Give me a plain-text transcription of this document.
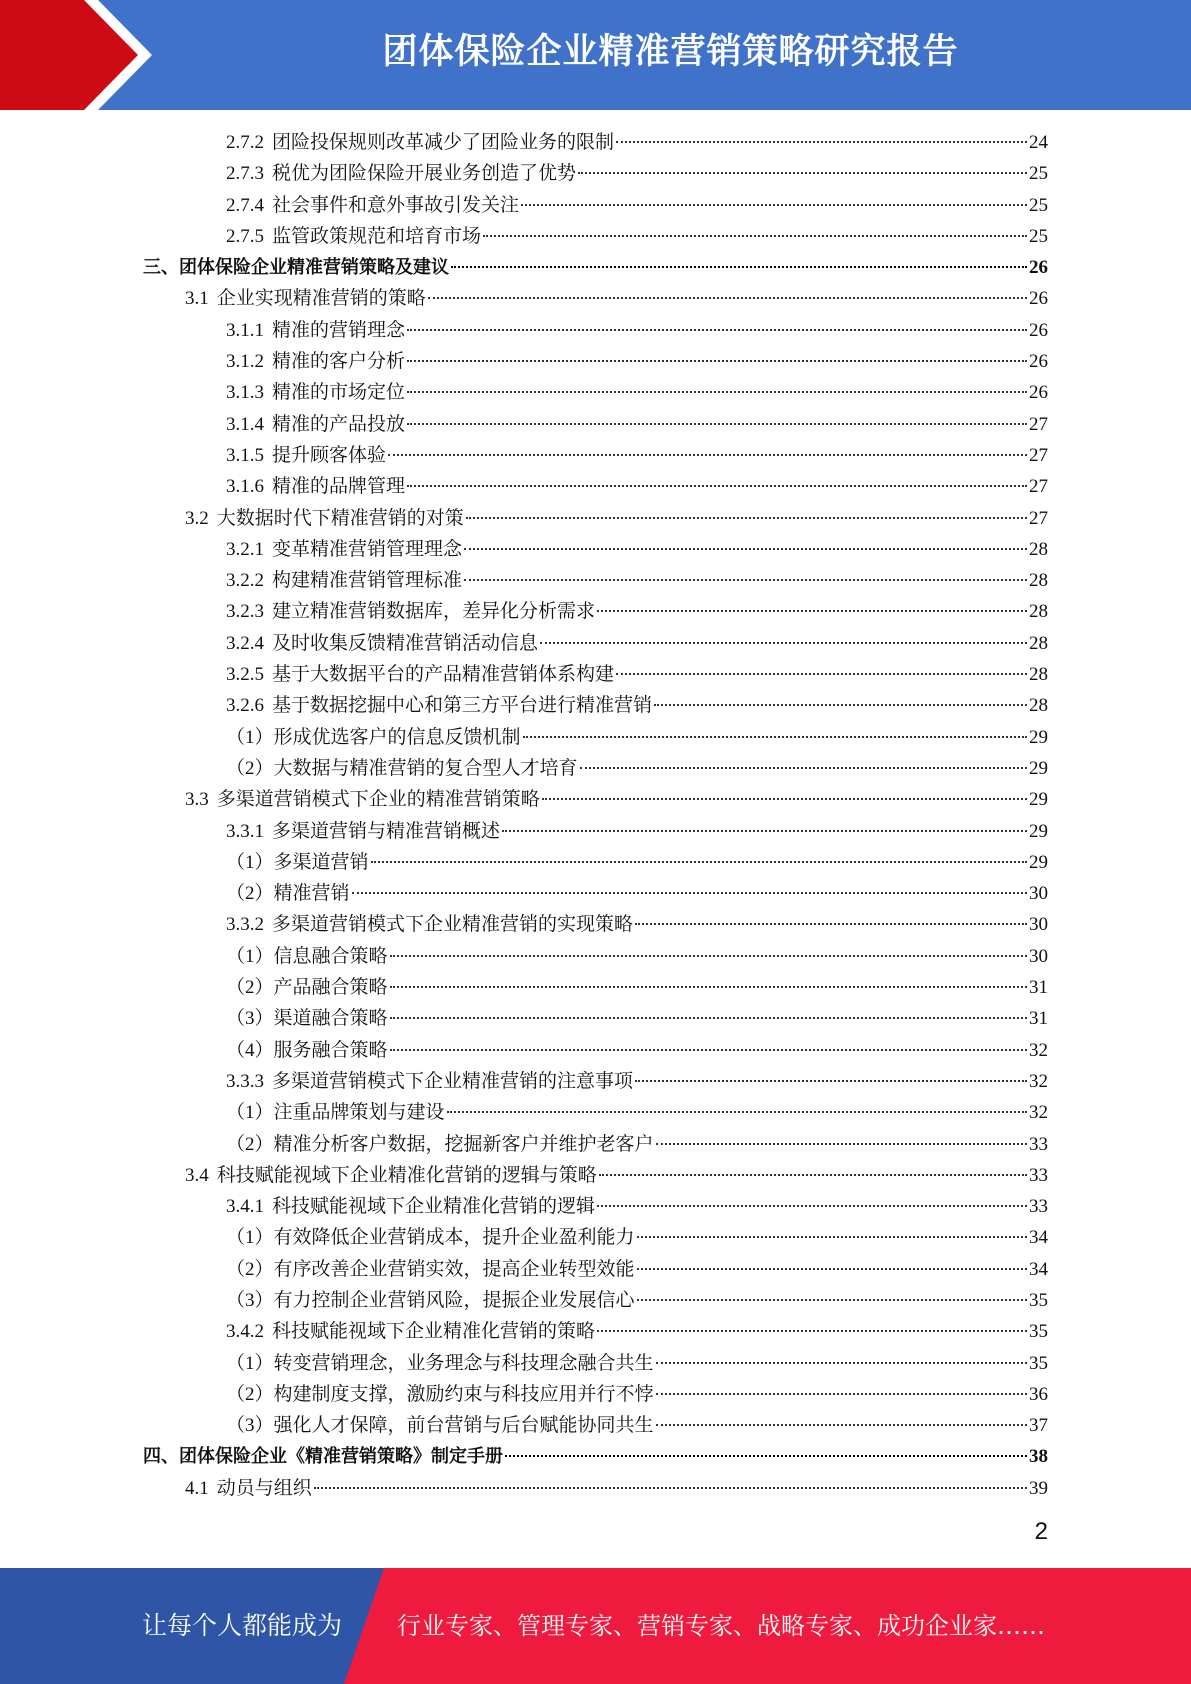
团体保险企业精准营销策略研究报告
2.7.2 团险投保规则改革减少了团险业务的限制	24
2.7.3 税优为团险保险开展业务创造了优势	25
2.7.4 社会事件和意外事故引发关注	25
2.7.5 监管政策规范和培育市场	25
三、 团体保险企业精准营销策略及建议	26
3.1 企业实现精准营销的策略	26
3.1.1 精准的营销理念	26
3.1.2 精准的客户分析	26
3.1.3 精准的市场定位	26
3.1.4 精准的产品投放	27
3.1.5 提升顾客体验	27
3.1.6 精准的品牌管理	27
3.2 大数据时代下精准营销的对策	27
3.2.1 变革精准营销管理理念	28
3.2.2 构建精准营销管理标准	28
3.2.3 建立精准营销数据库，差异化分析需求	28
3.2.4 及时收集反馈精准营销活动信息	28
3.2.5 基于大数据平台的产品精准营销体系构建	28
3.2.6 基于数据挖掘中心和第三方平台进行精准营销	28
（1） 形成优选客户的信息反馈机制	29
（2） 大数据与精准营销的复合型人才培育	29
3.3 多渠道营销模式下企业的精准营销策略	29
3.3.1 多渠道营销与精准营销概述	29
（1） 多渠道营销	29
（2） 精准营销	30
3.3.2 多渠道营销模式下企业精准营销的实现策略	30
（1） 信息融合策略	30
（2） 产品融合策略	31
（3） 渠道融合策略	31
（4） 服务融合策略	32
3.3.3 多渠道营销模式下企业精准营销的注意事项	32
（1） 注重品牌策划与建设	32
（2） 精准分析客户数据，挖掘新客户并维护老客户	33
3.4 科技赋能视域下企业精准化营销的逻辑与策略	33
3.4.1 科技赋能视域下企业精准化营销的逻辑	33
（1） 有效降低企业营销成本，提升企业盈利能力	34
（2） 有序改善企业营销实效，提高企业转型效能	34
（3） 有力控制企业营销风险，提振企业发展信心	35
3.4.2 科技赋能视域下企业精准化营销的策略	35
（1） 转变营销理念，业务理念与科技理念融合共生	35
（2） 构建制度支撑，激励约束与科技应用并行不悖	36
（3） 强化人才保障，前台营销与后台赋能协同共生	37
四、 团体保险企业《精准营销策略》制定手册	38
4.1 动员与组织	39
2
让每个人都能成为 行业专家、管理专家、营销专家、战略专家、成功企业家……
